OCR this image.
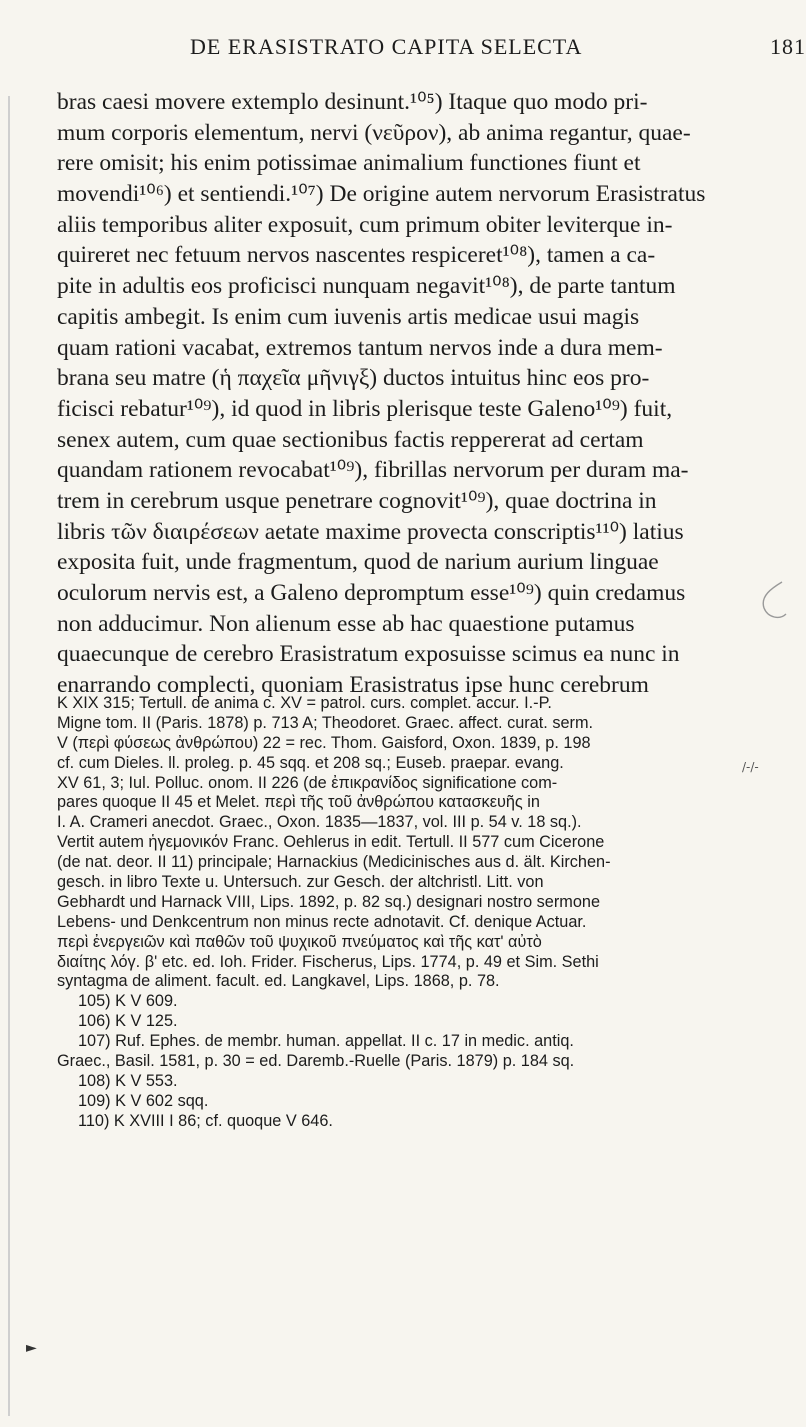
DE ERASISTRATO CAPITA SELECTA	181
bras caesi movere extemplo desinunt.¹⁰⁵) Itaque quo modo pri-
mum corporis elementum, nervi (νεῦρον), ab anima regantur, quae-
rere omisit; his enim potissimae animalium functiones fiunt et
movendi¹⁰⁶) et sentiendi.¹⁰⁷) De origine autem nervorum Erasistratus
aliis temporibus aliter exposuit, cum primum obiter leviterque in-
quireret nec fetuum nervos nascentes respiceret¹⁰⁸), tamen a ca-
pite in adultis eos proficisci nunquam negavit¹⁰⁸), de parte tantum
capitis ambegit. Is enim cum iuvenis artis medicae usui magis
quam rationi vacabat, extremos tantum nervos inde a dura mem-
brana seu matre (ἡ παχεῖα μῆνιγξ) ductos intuitus hinc eos pro-
ficisci rebatur¹⁰⁹), id quod in libris plerisque teste Galeno¹⁰⁹) fuit,
senex autem, cum quae sectionibus factis reppererat ad certam
quandam rationem revocabat¹⁰⁹), fibrillas nervorum per duram ma-
trem in cerebrum usque penetrare cognovit¹⁰⁹), quae doctrina in
libris τῶν διαιρέσεων aetate maxime provecta conscriptis¹¹⁰) latius
exposita fuit, unde fragmentum, quod de narium aurium linguae
oculorum nervis est, a Galeno depromptum esse¹⁰⁹) quin credamus
non adducimur. Non alienum esse ab hac quaestione putamus
quaecunque de cerebro Erasistratum exposuisse scimus ea nunc in
enarrando complecti, quoniam Erasistratus ipse hunc cerebrum
K XIX 315; Tertull. de anima c. XV = patrol. curs. complet. accur. I.-P.
Migne tom. II (Paris. 1878) p. 713 A; Theodoret. Graec. affect. curat. serm.
V (περὶ φύσεως ἀνθρώπου) 22 = rec. Thom. Gaisford, Oxon. 1839, p. 198
cf. cum Dieles. ll. proleg. p. 45 sqq. et 208 sq.; Euseb. praepar. evang.
XV 61, 3; Iul. Polluc. onom. II 226 (de ἐπικρανίδος significatione com-
pares quoque II 45 et Melet. περὶ τῆς τοῦ ἀνθρώπου κατασκευῆς in
I. A. Crameri anecdot. Graec., Oxon. 1835—1837, vol. III p. 54 v. 18 sq.).
Vertit autem ἡγεμονικόν Franc. Oehlerus in edit. Tertull. II 577 cum Cicerone
(de nat. deor. II 11) principale; Harnackius (Medicinisches aus d. ält. Kirchen-
gesch. in libro Texte u. Untersuch. zur Gesch. der altchristl. Litt. von
Gebhardt und Harnack VIII, Lips. 1892, p. 82 sq.) designari nostro sermone
Lebens- und Denkcentrum non minus recte adnotavit. Cf. denique Actuar.
περὶ ἐνεργειῶν καὶ παθῶν τοῦ ψυχικοῦ πνεύματος καὶ τῆς κατ' αὐτὸ
διαίτης λόγ. β' etc. ed. Ioh. Frider. Fischerus, Lips. 1774, p. 49 et Sim. Sethi
syntagma de aliment. facult. ed. Langkavel, Lips. 1868, p. 78.
105) K V 609.
106) K V 125.
107) Ruf. Ephes. de membr. human. appellat. II c. 17 in medic. antiq.
Graec., Basil. 1581, p. 30 = ed. Daremb.-Ruelle (Paris. 1879) p. 184 sq.
108) K V 553.
109) K V 602 sqq.
110) K XVIII I 86; cf. quoque V 646.
/-/-
►
